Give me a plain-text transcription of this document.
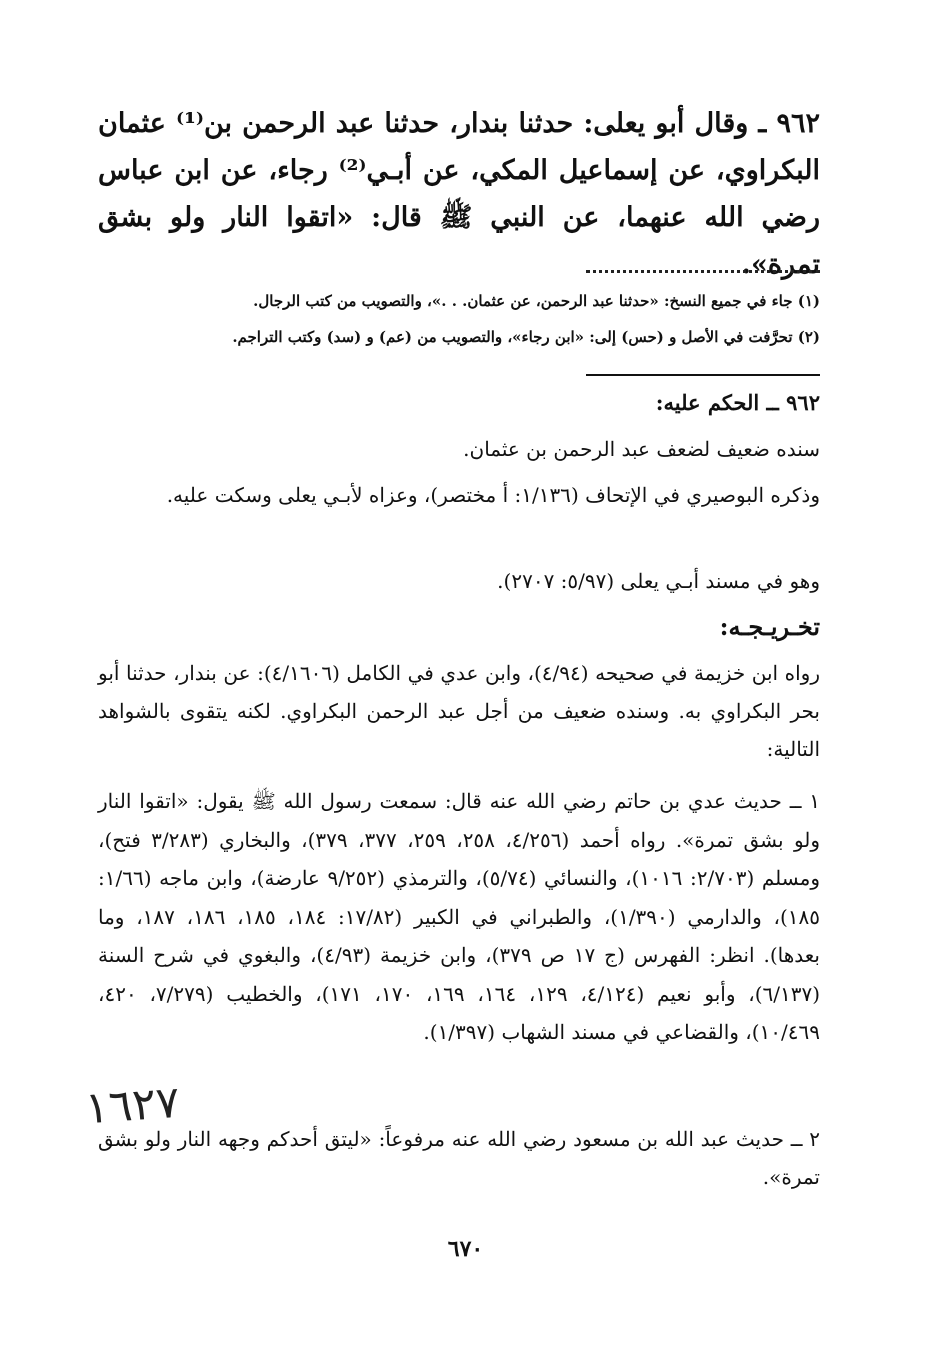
٩٦٢ ـ وقال أبو يعلى: حدثنا بندار، حدثنا عبد الرحمن بن⁽¹⁾ عثمان البكراوي، عن إسماعيل المكي، عن أبـي⁽²⁾ رجاء، عن ابن عباس رضي الله عنهما، عن النبي ﷺ قال: «اتقوا النار ولو بشق تمرة».
(١) جاء في جميع النسخ: «حدثنا عبد الرحمن، عن عثمان. . .»، والتصويب من كتب الرجال.
(٢) تحرَّفت في الأصل و (حس) إلى: «ابن رجاء»، والتصويب من (عم) و (سد) وكتب التراجم.
٩٦٢ ــ الحكم عليه:
سنده ضعيف لضعف عبد الرحمن بن عثمان.
وذكره البوصيري في الإتحاف (١/١٣٦: أ مختصر)، وعزاه لأبـي يعلى وسكت عليه.
وهو في مسند أبـي يعلى (٥/٩٧: ٢٧٠٧).
تخـريـجـه:
رواه ابن خزيمة في صحيحه (٤/٩٤)، وابن عدي في الكامل (٤/١٦٠٦): عن بندار، حدثنا أبو بحر البكراوي به. وسنده ضعيف من أجل عبد الرحمن البكراوي. لكنه يتقوى بالشواهد التالية:
١ ــ حديث عدي بن حاتم رضي الله عنه قال: سمعت رسول الله ﷺ يقول: «اتقوا النار ولو بشق تمرة». رواه أحمد (٤/٢٥٦، ٢٥٨، ٢٥٩، ٣٧٧، ٣٧٩)، والبخاري (٣/٢٨٣ فتح)، ومسلم (٢/٧٠٣: ١٠١٦)، والنسائي (٥/٧٤)، والترمذي (٩/٢٥٢ عارضة)، وابن ماجه (١/٦٦: ١٨٥)، والدارمي (١/٣٩٠)، والطبراني في الكبير (١٧/٨٢: ١٨٤، ١٨٥، ١٨٦، ١٨٧، وما بعدها). انظر: الفهرس (ج ١٧ ص ٣٧٩)، وابن خزيمة (٤/٩٣)، والبغوي في شرح السنة (٦/١٣٧)، وأبو نعيم (٤/١٢٤، ١٢٩، ١٦٤، ١٦٩، ١٧٠، ١٧١)، والخطيب (٧/٢٧٩، ٤٢٠، ١٠/٤٦٩)، والقضاعي في مسند الشهاب (١/٣٩٧).
١٦٢٧
٢ ــ حديث عبد الله بن مسعود رضي الله عنه مرفوعاً: «ليتق أحدكم وجهه النار ولو بشق تمرة».
٦٧٠
